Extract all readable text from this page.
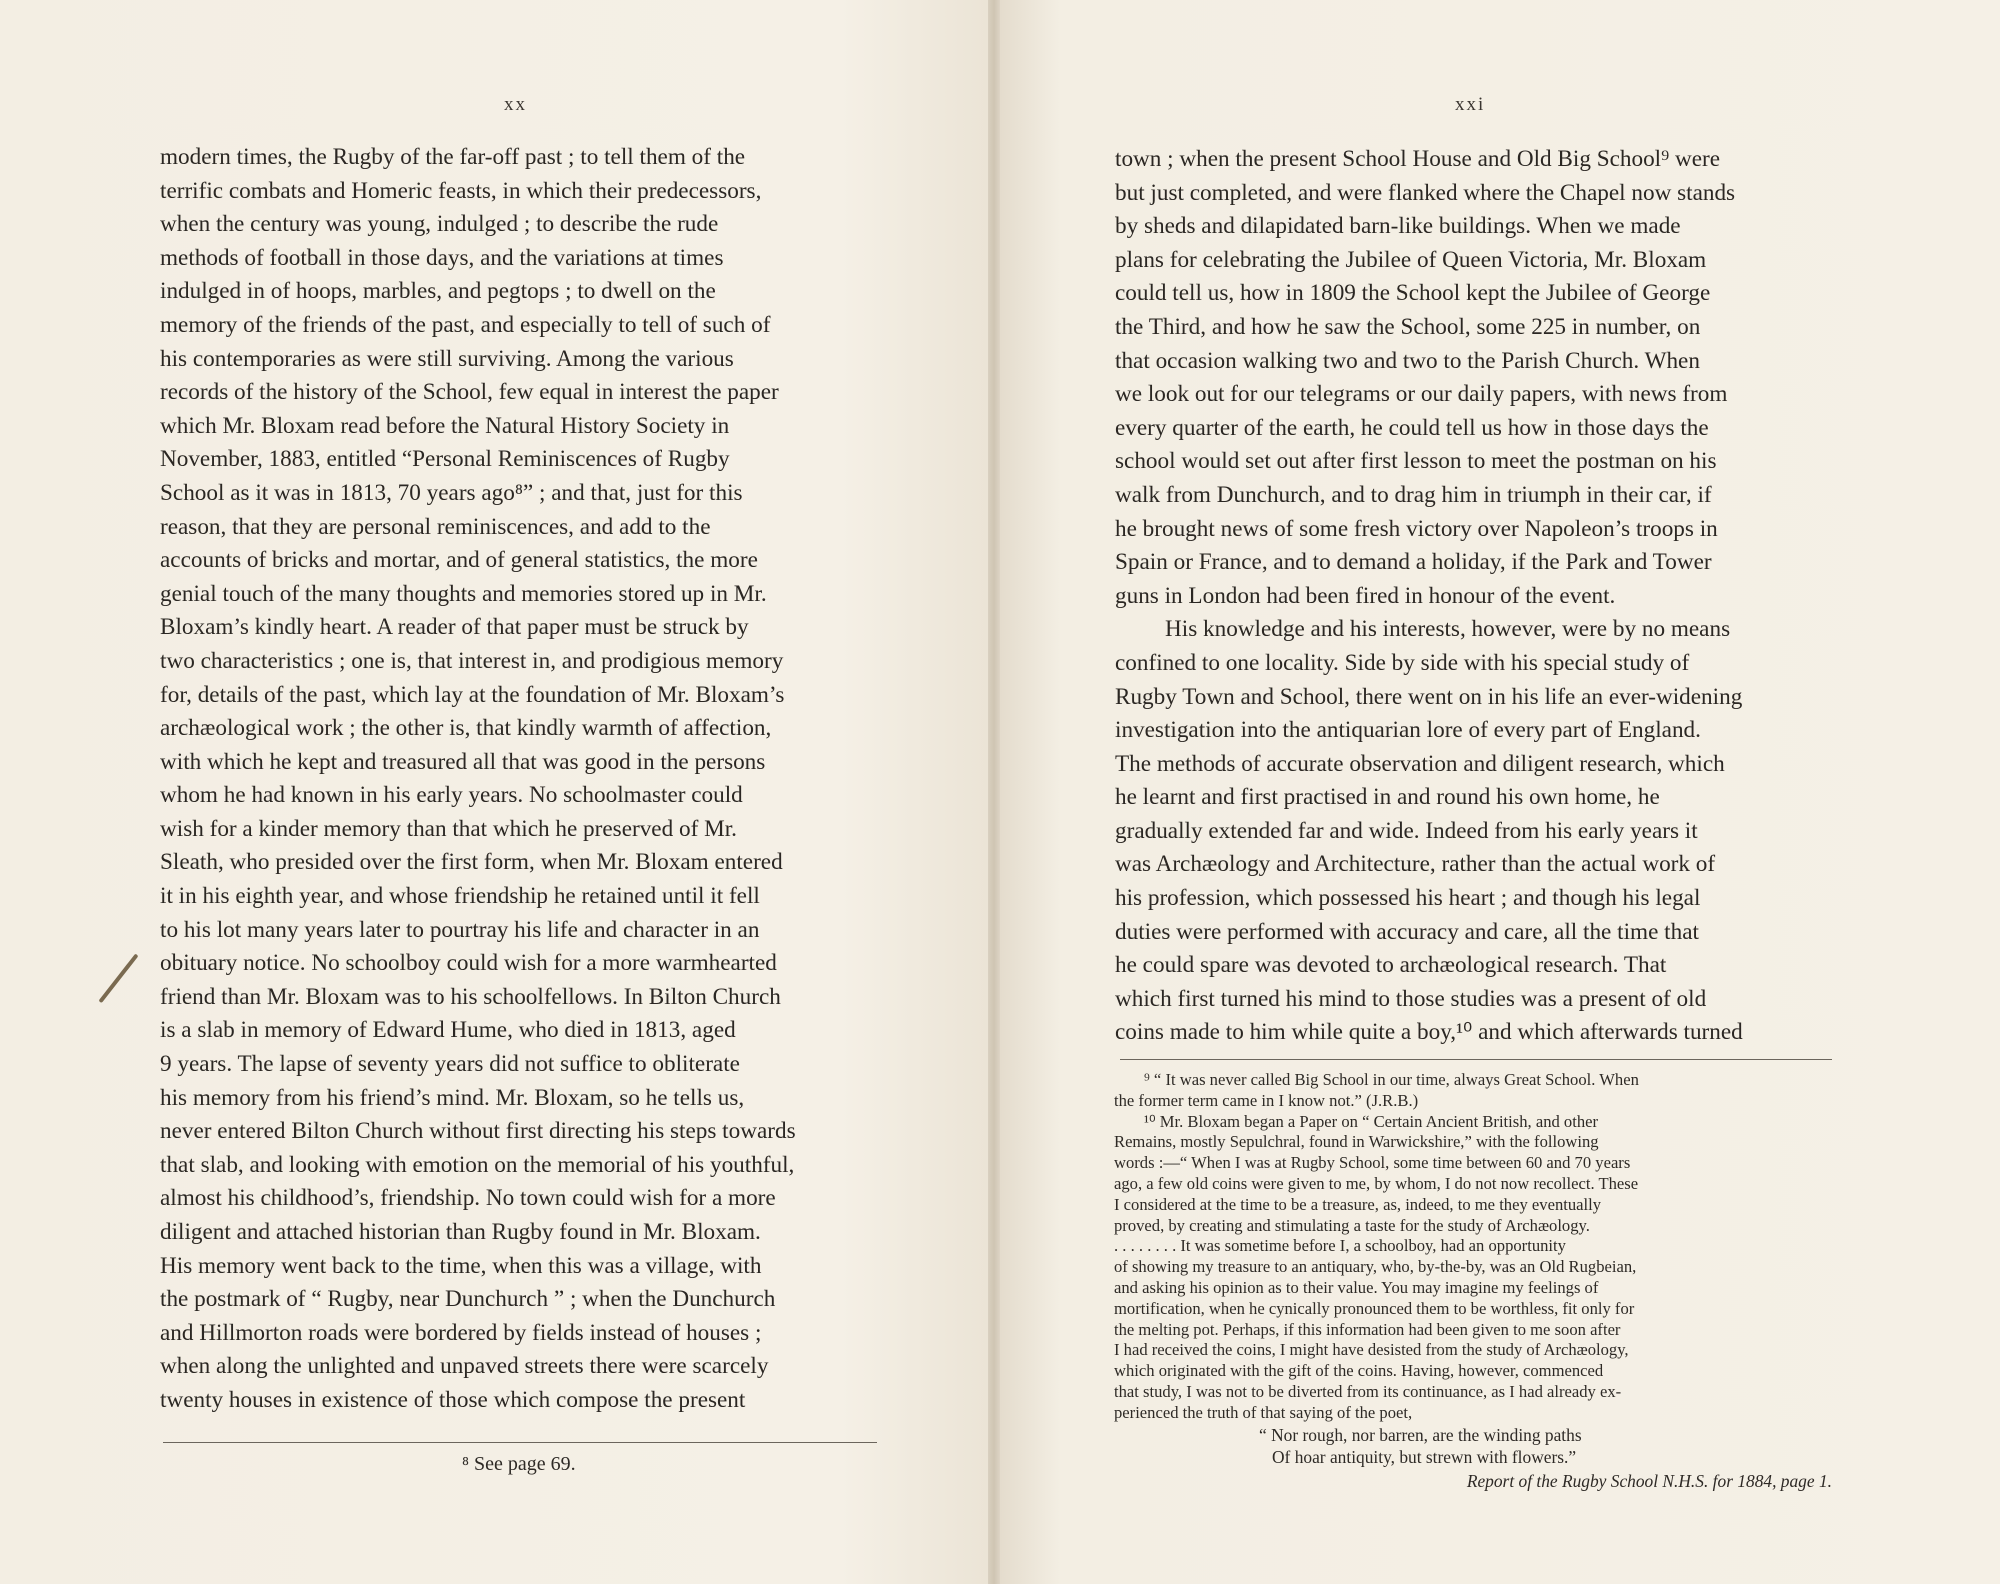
xx
modern times, the Rugby of the far-off past ; to tell them of the
terrific combats and Homeric feasts, in which their predecessors,
when the century was young, indulged ; to describe the rude
methods of football in those days, and the variations at times
indulged in of hoops, marbles, and pegtops ; to dwell on the
memory of the friends of the past, and especially to tell of such of
his contemporaries as were still surviving. Among the various
records of the history of the School, few equal in interest the paper
which Mr. Bloxam read before the Natural History Society in
November, 1883, entitled “Personal Reminiscences of Rugby
School as it was in 1813, 70 years ago⁸” ; and that, just for this
reason, that they are personal reminiscences, and add to the
accounts of bricks and mortar, and of general statistics, the more
genial touch of the many thoughts and memories stored up in Mr.
Bloxam’s kindly heart. A reader of that paper must be struck by
two characteristics ; one is, that interest in, and prodigious memory
for, details of the past, which lay at the foundation of Mr. Bloxam’s
archæological work ; the other is, that kindly warmth of affection,
with which he kept and treasured all that was good in the persons
whom he had known in his early years. No schoolmaster could
wish for a kinder memory than that which he preserved of Mr.
Sleath, who presided over the first form, when Mr. Bloxam entered
it in his eighth year, and whose friendship he retained until it fell
to his lot many years later to pourtray his life and character in an
obituary notice. No schoolboy could wish for a more warmhearted
friend than Mr. Bloxam was to his schoolfellows. In Bilton Church
is a slab in memory of Edward Hume, who died in 1813, aged
9 years. The lapse of seventy years did not suffice to obliterate
his memory from his friend’s mind. Mr. Bloxam, so he tells us,
never entered Bilton Church without first directing his steps towards
that slab, and looking with emotion on the memorial of his youthful,
almost his childhood’s, friendship. No town could wish for a more
diligent and attached historian than Rugby found in Mr. Bloxam.
His memory went back to the time, when this was a village, with
the postmark of “ Rugby, near Dunchurch ” ; when the Dunchurch
and Hillmorton roads were bordered by fields instead of houses ;
when along the unlighted and unpaved streets there were scarcely
twenty houses in existence of those which compose the present
⁸ See page 69.
xxi
town ; when the present School House and Old Big School⁹ were
but just completed, and were flanked where the Chapel now stands
by sheds and dilapidated barn-like buildings. When we made
plans for celebrating the Jubilee of Queen Victoria, Mr. Bloxam
could tell us, how in 1809 the School kept the Jubilee of George
the Third, and how he saw the School, some 225 in number, on
that occasion walking two and two to the Parish Church. When
we look out for our telegrams or our daily papers, with news from
every quarter of the earth, he could tell us how in those days the
school would set out after first lesson to meet the postman on his
walk from Dunchurch, and to drag him in triumph in their car, if
he brought news of some fresh victory over Napoleon’s troops in
Spain or France, and to demand a holiday, if the Park and Tower
guns in London had been fired in honour of the event.
His knowledge and his interests, however, were by no means
confined to one locality. Side by side with his special study of
Rugby Town and School, there went on in his life an ever-widening
investigation into the antiquarian lore of every part of England.
The methods of accurate observation and diligent research, which
he learnt and first practised in and round his own home, he
gradually extended far and wide. Indeed from his early years it
was Archæology and Architecture, rather than the actual work of
his profession, which possessed his heart ; and though his legal
duties were performed with accuracy and care, all the time that
he could spare was devoted to archæological research. That
which first turned his mind to those studies was a present of old
coins made to him while quite a boy,¹⁰ and which afterwards turned
⁹ “ It was never called Big School in our time, always Great School. When
the former term came in I know not.” (J.R.B.)
¹⁰ Mr. Bloxam began a Paper on “ Certain Ancient British, and other
Remains, mostly Sepulchral, found in Warwickshire,” with the following
words :—“ When I was at Rugby School, some time between 60 and 70 years
ago, a few old coins were given to me, by whom, I do not now recollect. These
I considered at the time to be a treasure, as, indeed, to me they eventually
proved, by creating and stimulating a taste for the study of Archæology.
. . . . . . . . It was sometime before I, a schoolboy, had an opportunity
of showing my treasure to an antiquary, who, by-the-by, was an Old Rugbeian,
and asking his opinion as to their value. You may imagine my feelings of
mortification, when he cynically pronounced them to be worthless, fit only for
the melting pot. Perhaps, if this information had been given to me soon after
I had received the coins, I might have desisted from the study of Archæology,
which originated with the gift of the coins. Having, however, commenced
that study, I was not to be diverted from its continuance, as I had already ex-
perienced the truth of that saying of the poet,
“ Nor rough, nor barren, are the winding paths
Of hoar antiquity, but strewn with flowers.”
Report of the Rugby School N.H.S. for 1884, page 1.
